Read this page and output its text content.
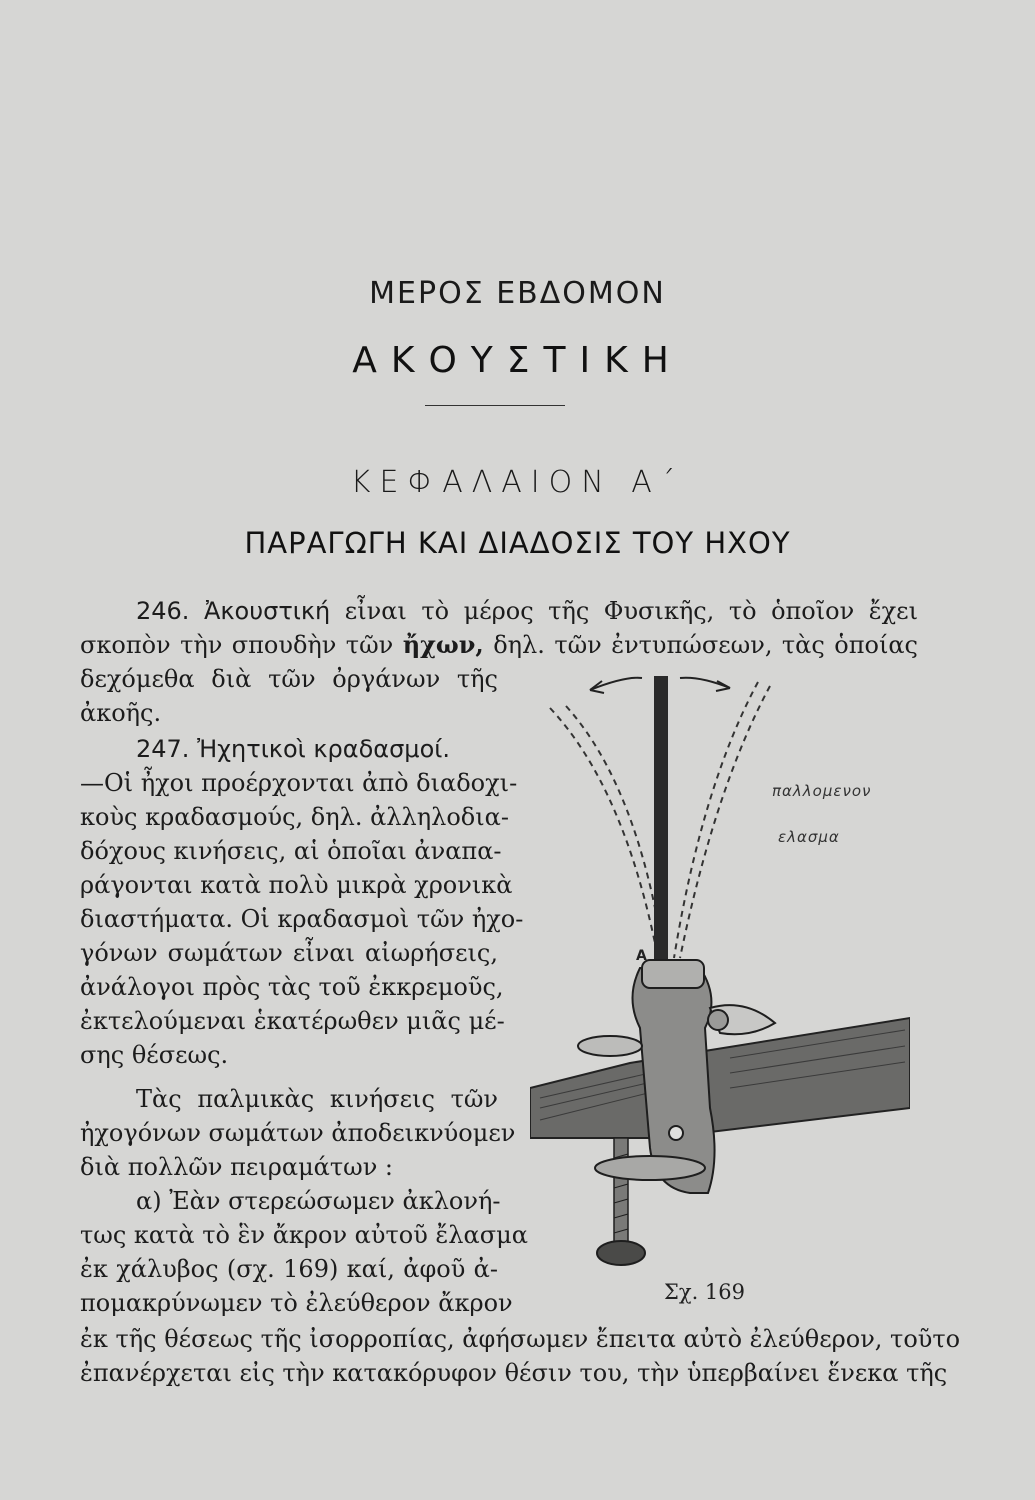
ΜΕΡΟΣ ΕΒΔΟΜΟΝ
ΑΚΟΥΣΤΙΚΗ
ΚΕΦΑΛΑΙΟΝ Α΄
ΠΑΡΑΓΩΓΗ ΚΑΙ ΔΙΑΔΟΣΙΣ ΤΟΥ ΗΧΟΥ
246. Ἀκουστική εἶναι τὸ μέρος τῆς Φυσικῆς, τὸ ὁποῖον ἔχει
σκοπὸν τὴν σπουδὴν τῶν ἤχων, δηλ. τῶν ἐντυπώσεων, τὰς ὁποίας
δεχόμεθα διὰ τῶν ὀργάνων τῆς
ἀκοῆς.
247. Ἠχητικοὶ κραδασμοί.
—Οἱ ἦχοι προέρχονται ἀπὸ διαδοχι-
κοὺς κραδασμούς, δηλ. ἀλληλοδια-
δόχους κινήσεις, αἱ ὁποῖαι ἀναπα-
ράγονται κατὰ πολὺ μικρὰ χρονικὰ
διαστήματα. Οἱ κραδασμοὶ τῶν ἠχο-
γόνων σωμάτων εἶναι αἰωρήσεις,
ἀνάλογοι πρὸς τὰς τοῦ ἐκκρεμοῦς,
ἐκτελούμεναι ἑκατέρωθεν μιᾶς μέ-
σης θέσεως.
Τὰς παλμικὰς κινήσεις τῶν
ἠχογόνων σωμάτων ἀποδεικνύομεν
διὰ πολλῶν πειραμάτων :
α) Ἐὰν στερεώσωμεν ἀκλονή-
τως κατὰ τὸ ἓν ἄκρον αὐτοῦ ἔλασμα
ἐκ χάλυβος (σχ. 169) καί, ἀφοῦ ἀ-
πομακρύνωμεν τὸ ἐλεύθερον ἄκρον
ἐκ τῆς θέσεως τῆς ἰσορροπίας, ἀφήσωμεν ἔπειτα αὐτὸ ἐλεύθερον, τοῦτο
ἐπανέρχεται εἰς τὴν κατακόρυφον θέσιν του, τὴν ὑπερβαίνει ἕνεκα τῆς
A
παλλομενον
ελασμα
Σχ. 169
